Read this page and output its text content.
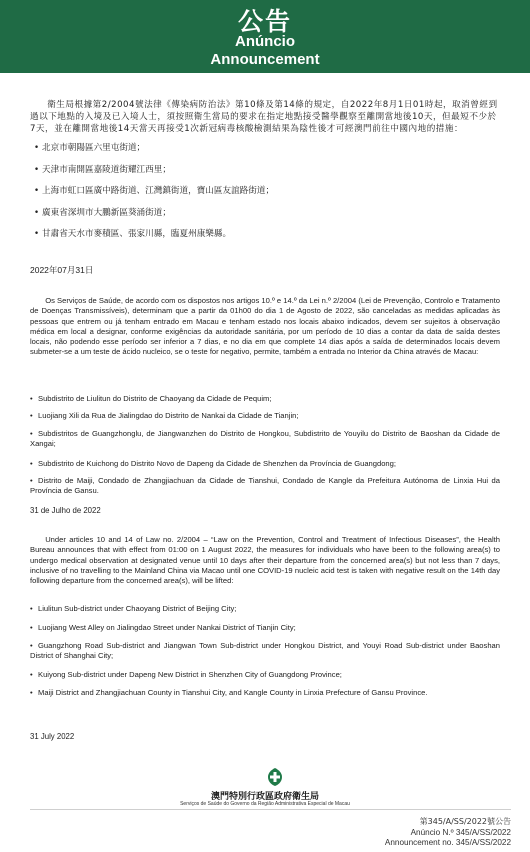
公告
Anúncio
Announcement

衛生局根據第2/2004號法律《傳染病防治法》第10條及第14條的規定，自2022年8月1日01時起，取消曾經到過以下地點的入境及已入境人士，須按照衛生當局的要求在指定地點接受醫學觀察至離開當地後10天，但最短不少於7天，並在離開當地後14天當天再接受1次新冠病毒核酸檢測結果為陰性後才可經澳門前往中國內地的措施：

• 北京市朝陽區六里屯街道；
• 天津市南開區嘉陵道街耀江西里；
• 上海市虹口區廣中路街道、江灣鎮街道，寶山區友誼路街道；
• 廣東省深圳市大鵬新區葵涌街道；
• 甘肅省天水市麥積區、張家川縣，臨夏州康樂縣。
2022年07月31日

Os Serviços de Saúde, de acordo com os dispostos nos artigos 10.º e 14.º da Lei n.º 2/2004 (Lei de Prevenção, Controlo e Tratamento de Doenças Transmissíveis), determinam que a partir da 01h00 do dia 1 de Agosto de 2022, são canceladas as medidas aplicadas às pessoas que entrem ou já tenham entrado em Macau e tenham estado nos locais abaixo indicados, devem ser sujeitos à observação médica em local a designar, conforme exigências da autoridade sanitária, por um período de 10 dias a contar da data de saída destes locais, não podendo esse período ser inferior a 7 dias, e no dia em que complete 14 dias após a saída de determinados locais devem submeter-se a um teste de ácido nucleico, se o teste for negativo, permite, também a entrada no Interior da China através de Macau:

• Subdistrito de Liulitun do Distrito de Chaoyang da Cidade de Pequim;
• Luojiang Xili da Rua de Jialingdao do Distrito de Nankai da Cidade de Tianjin;
• Subdistritos de Guangzhonglu, de Jiangwanzhen do Distrito de Hongkou, Subdistrito de Youyilu do Distrito de Baoshan da Cidade de Xangai;
• Subdistrito de Kuichong do Distrito Novo de Dapeng da Cidade de Shenzhen da Província de Guangdong;
• Distrito de Maiji, Condado de Zhangjiachuan da Cidade de Tianshui, Condado de Kangle da Prefeitura Autónoma de Linxia Hui da Província de Gansu.
31 de Julho de 2022

Under articles 10 and 14 of Law no. 2/2004 – “Law on the Prevention, Control and Treatment of Infectious Diseases”, the Health Bureau announces that with effect from 01:00 on 1 August 2022, the measures for individuals who have been to the following area(s) to undergo medical observation at designated venue until 10 days after their departure from the concerned area(s) but not less than 7 days, inclusive of no travelling to the Mainland China via Macao until one COVID-19 nucleic acid test is taken with negative result on the 14th day following departure from the concerned area(s), will be lifted:

• Liulitun Sub-district under Chaoyang District of Beijing City;
• Luojiang West Alley on Jialingdao Street under Nankai District of Tianjin City;
• Guangzhong Road Sub-district and Jiangwan Town Sub-district under Hongkou District, and Youyi Road Sub-district under Baoshan District of Shanghai City;
• Kuiyong Sub-district under Dapeng New District in Shenzhen City of Guangdong Province;
• Maiji District and Zhangjiachuan County in Tianshui City, and Kangle County in Linxia Prefecture of Gansu Province.
31 July 2022
澳門特別行政區政府衛生局
Serviços de Saúde do Governo da Região Administrativa Especial de Macau
第345/A/SS/2022號公告
Anúncio N.º 345/A/SS/2022
Announcement no. 345/A/SS/2022
